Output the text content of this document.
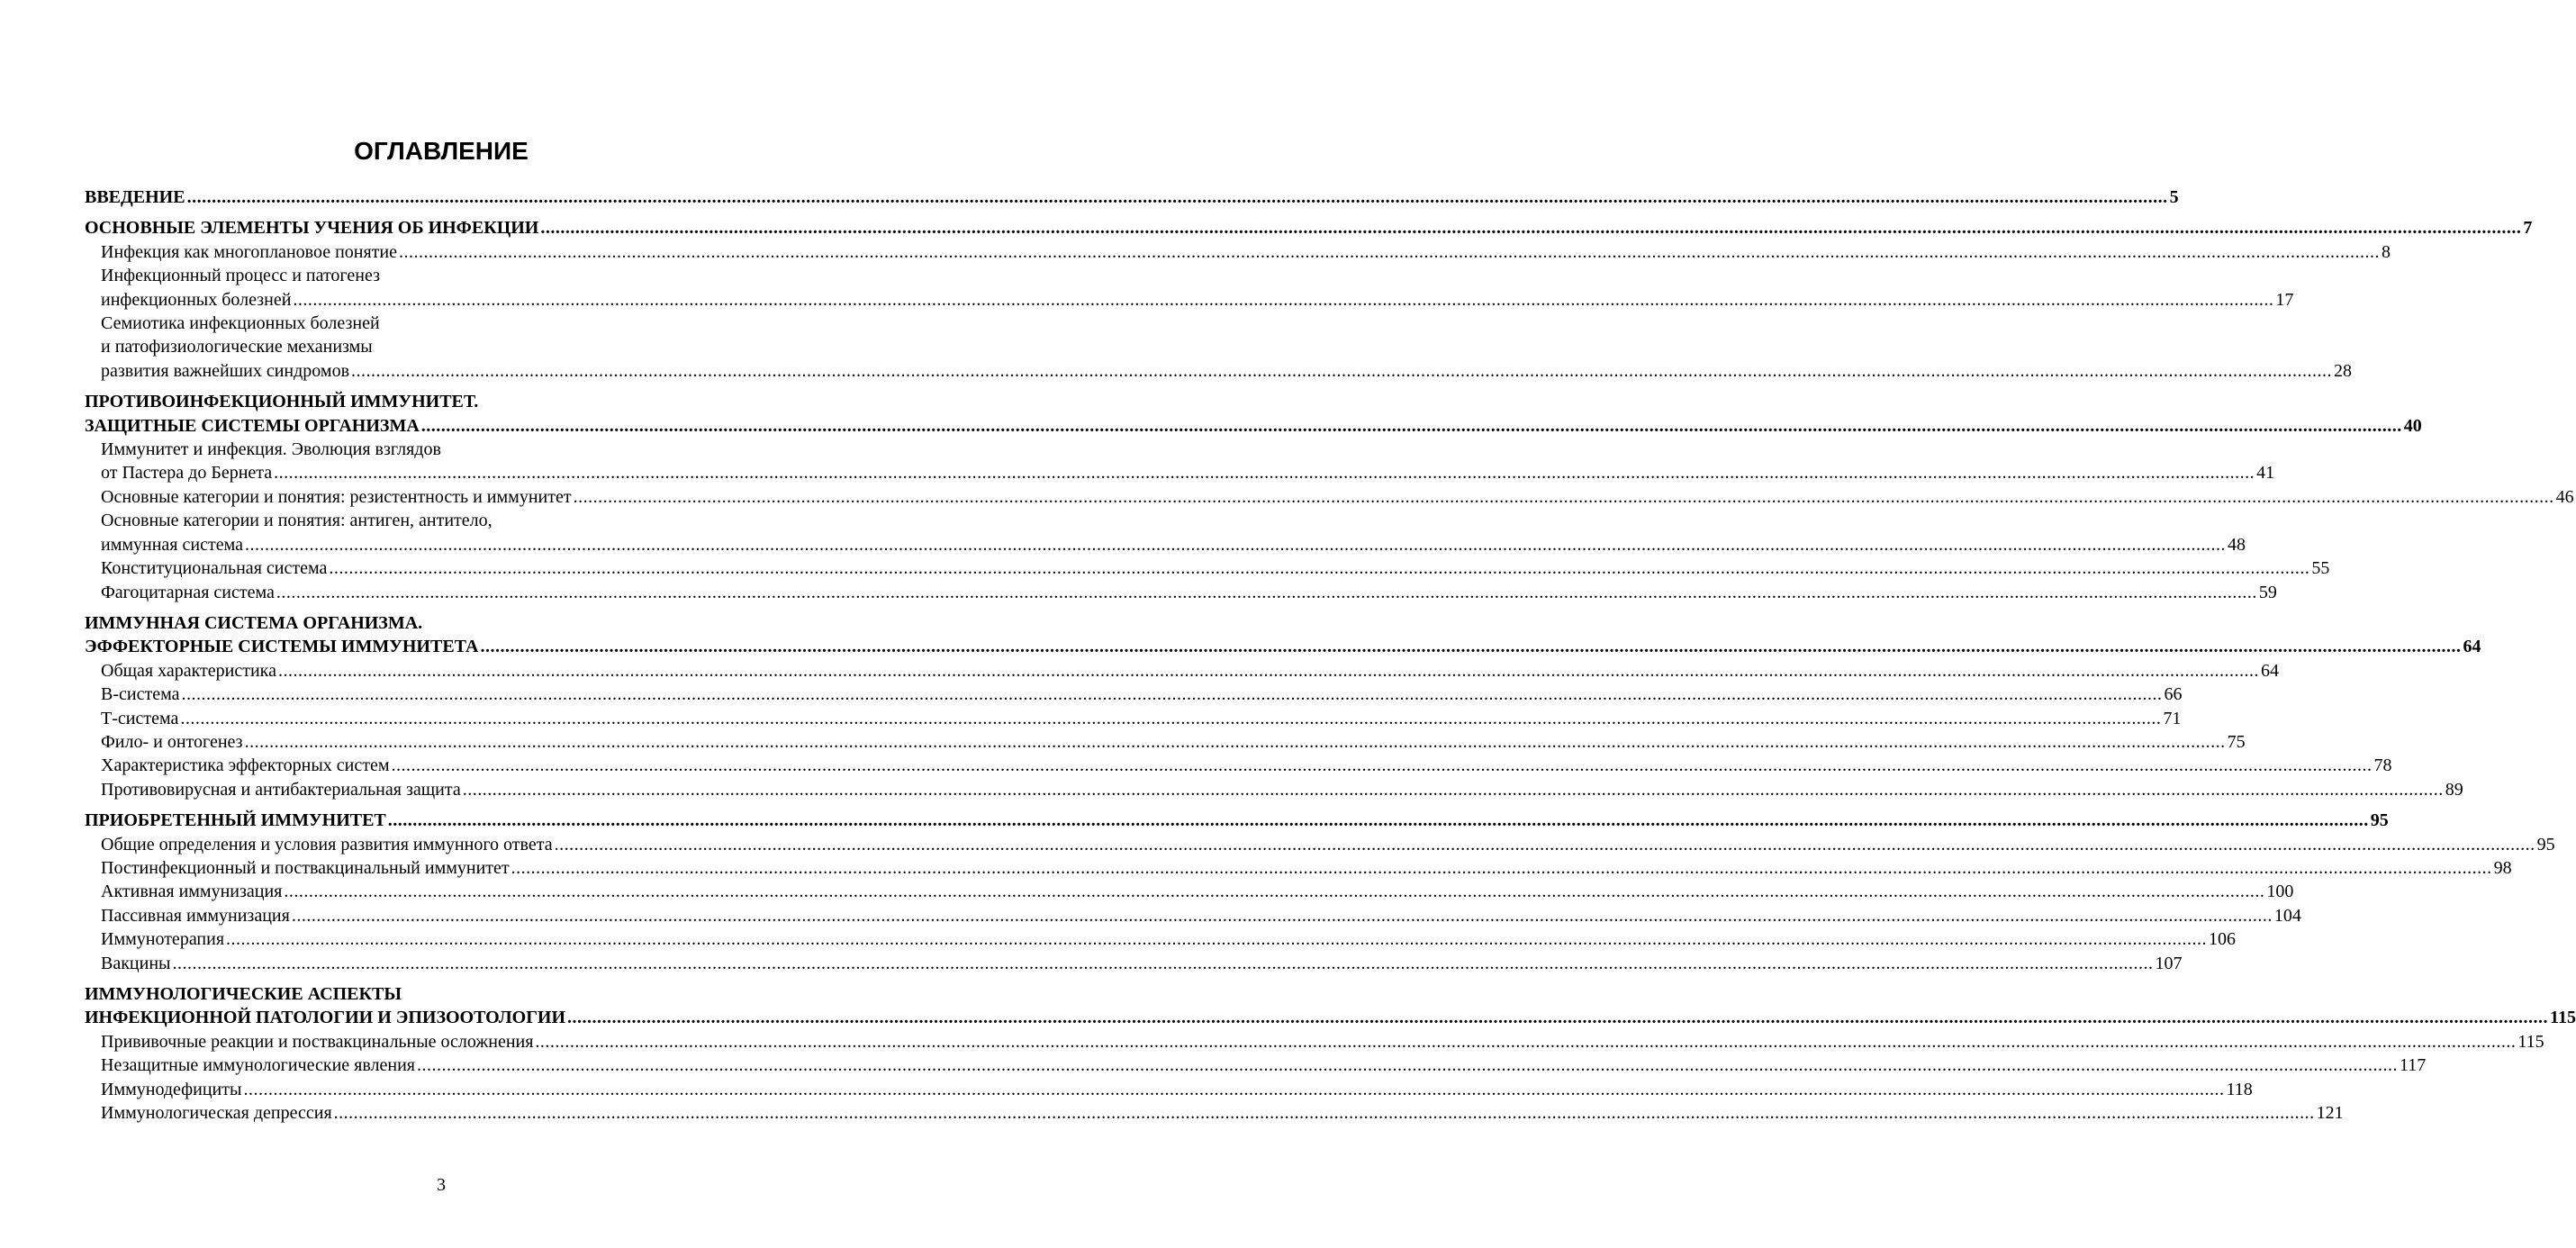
ОГЛАВЛЕНИЕ
ВВЕДЕНИЕ ................................................................................................................................................................................................................................................................................................................................................................................................................ 5
ОСНОВНЫЕ ЭЛЕМЕНТЫ УЧЕНИЯ ОБ ИНФЕКЦИИ ................................................................................................................................................................................................................................................................................................................................................................................................................ 7
Инфекция как многоплановое понятие ................................................................................................................................................................................................................................................................................................................................................................................................................ 8
Инфекционный процесс и патогенез
инфекционных болезней ................................................................................................................................................................................................................................................................................................................................................................................................................ 17
Семиотика инфекционных болезней
и патофизиологические механизмы
развития важнейших синдромов ................................................................................................................................................................................................................................................................................................................................................................................................................ 28
ПРОТИВОИНФЕКЦИОННЫЙ ИММУНИТЕТ.
ЗАЩИТНЫЕ СИСТЕМЫ ОРГАНИЗМА ................................................................................................................................................................................................................................................................................................................................................................................................................ 40
Иммунитет и инфекция. Эволюция взглядов
от Пастера до Бернета ................................................................................................................................................................................................................................................................................................................................................................................................................ 41
Основные категории и понятия: резистентность и иммунитет ................................................................................................................................................................................................................................................................................................................................................................................................................ 46
Основные категории и понятия: антиген, антитело,
иммунная система ................................................................................................................................................................................................................................................................................................................................................................................................................ 48
Конституциональная система ................................................................................................................................................................................................................................................................................................................................................................................................................ 55
Фагоцитарная система ................................................................................................................................................................................................................................................................................................................................................................................................................ 59
ИММУННАЯ СИСТЕМА ОРГАНИЗМА.
ЭФФЕКТОРНЫЕ СИСТЕМЫ ИММУНИТЕТА ................................................................................................................................................................................................................................................................................................................................................................................................................ 64
Общая характеристика ................................................................................................................................................................................................................................................................................................................................................................................................................ 64
В-система ................................................................................................................................................................................................................................................................................................................................................................................................................ 66
Т-система ................................................................................................................................................................................................................................................................................................................................................................................................................ 71
Фило- и онтогенез ................................................................................................................................................................................................................................................................................................................................................................................................................ 75
Характеристика эффекторных систем ................................................................................................................................................................................................................................................................................................................................................................................................................ 78
Противовирусная и антибактериальная защита ................................................................................................................................................................................................................................................................................................................................................................................................................ 89
ПРИОБРЕТЕННЫЙ ИММУНИТЕТ ................................................................................................................................................................................................................................................................................................................................................................................................................ 95
Общие определения и условия развития иммунного ответа ................................................................................................................................................................................................................................................................................................................................................................................................................ 95
Постинфекционный и поствакцинальный иммунитет ................................................................................................................................................................................................................................................................................................................................................................................................................ 98
Активная иммунизация ................................................................................................................................................................................................................................................................................................................................................................................................................ 100
Пассивная иммунизация ................................................................................................................................................................................................................................................................................................................................................................................................................ 104
Иммунотерапия ................................................................................................................................................................................................................................................................................................................................................................................................................ 106
Вакцины ................................................................................................................................................................................................................................................................................................................................................................................................................ 107
ИММУНОЛОГИЧЕСКИЕ АСПЕКТЫ
ИНФЕКЦИОННОЙ ПАТОЛОГИИ И ЭПИЗООТОЛОГИИ ................................................................................................................................................................................................................................................................................................................................................................................................................ 115
Прививочные реакции и поствакцинальные осложнения ................................................................................................................................................................................................................................................................................................................................................................................................................ 115
Незащитные иммунологические явления ................................................................................................................................................................................................................................................................................................................................................................................................................ 117
Иммунодефициты ................................................................................................................................................................................................................................................................................................................................................................................................................ 118
Иммунологическая депрессия ................................................................................................................................................................................................................................................................................................................................................................................................................ 121
3
